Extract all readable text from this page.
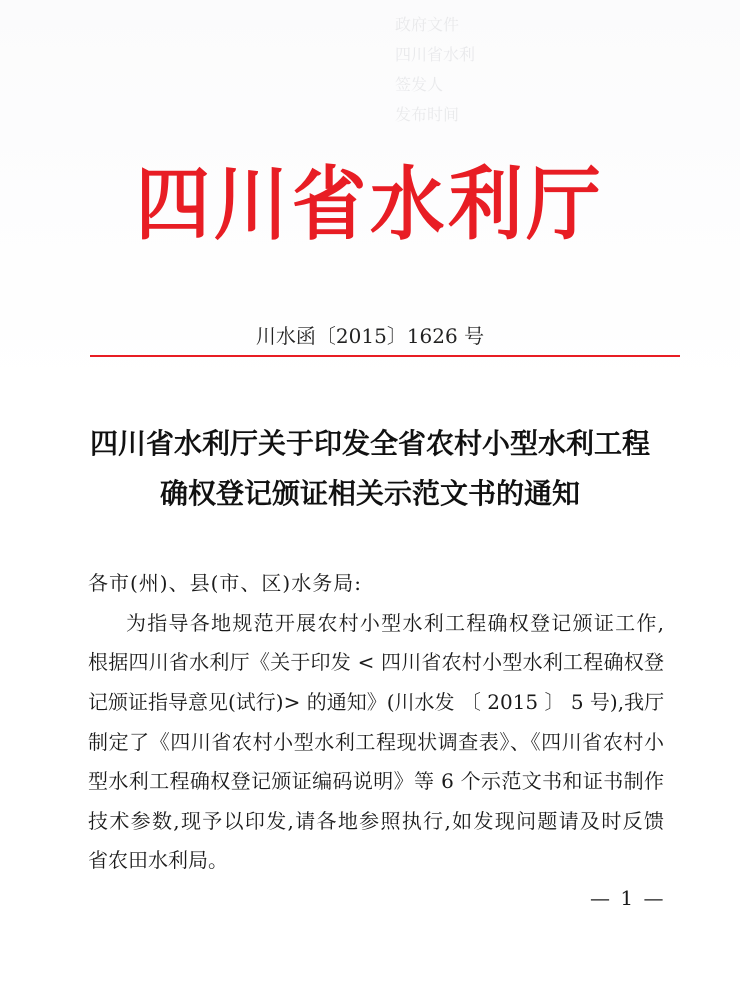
政府文件
四川省水利
签发人
发布时间
四川省水利厅
川水函〔2015〕1626 号
四川省水利厅关于印发全省农村小型水利工程
确权登记颁证相关示范文书的通知
各市(州)、县(市、区)水务局:
为指导各地规范开展农村小型水利工程确权登记颁证工作,
根据四川省水利厅《关于印发 < 四川省农村小型水利工程确权登
记颁证指导意见(试行)> 的通知》(川水发 〔 2015 〕 5 号),我厅
制定了《四川省农村小型水利工程现状调查表》、《四川省农村小
型水利工程确权登记颁证编码说明》等 6 个示范文书和证书制作
技术参数,现予以印发,请各地参照执行,如发现问题请及时反馈
省农田水利局。
— 1 —
